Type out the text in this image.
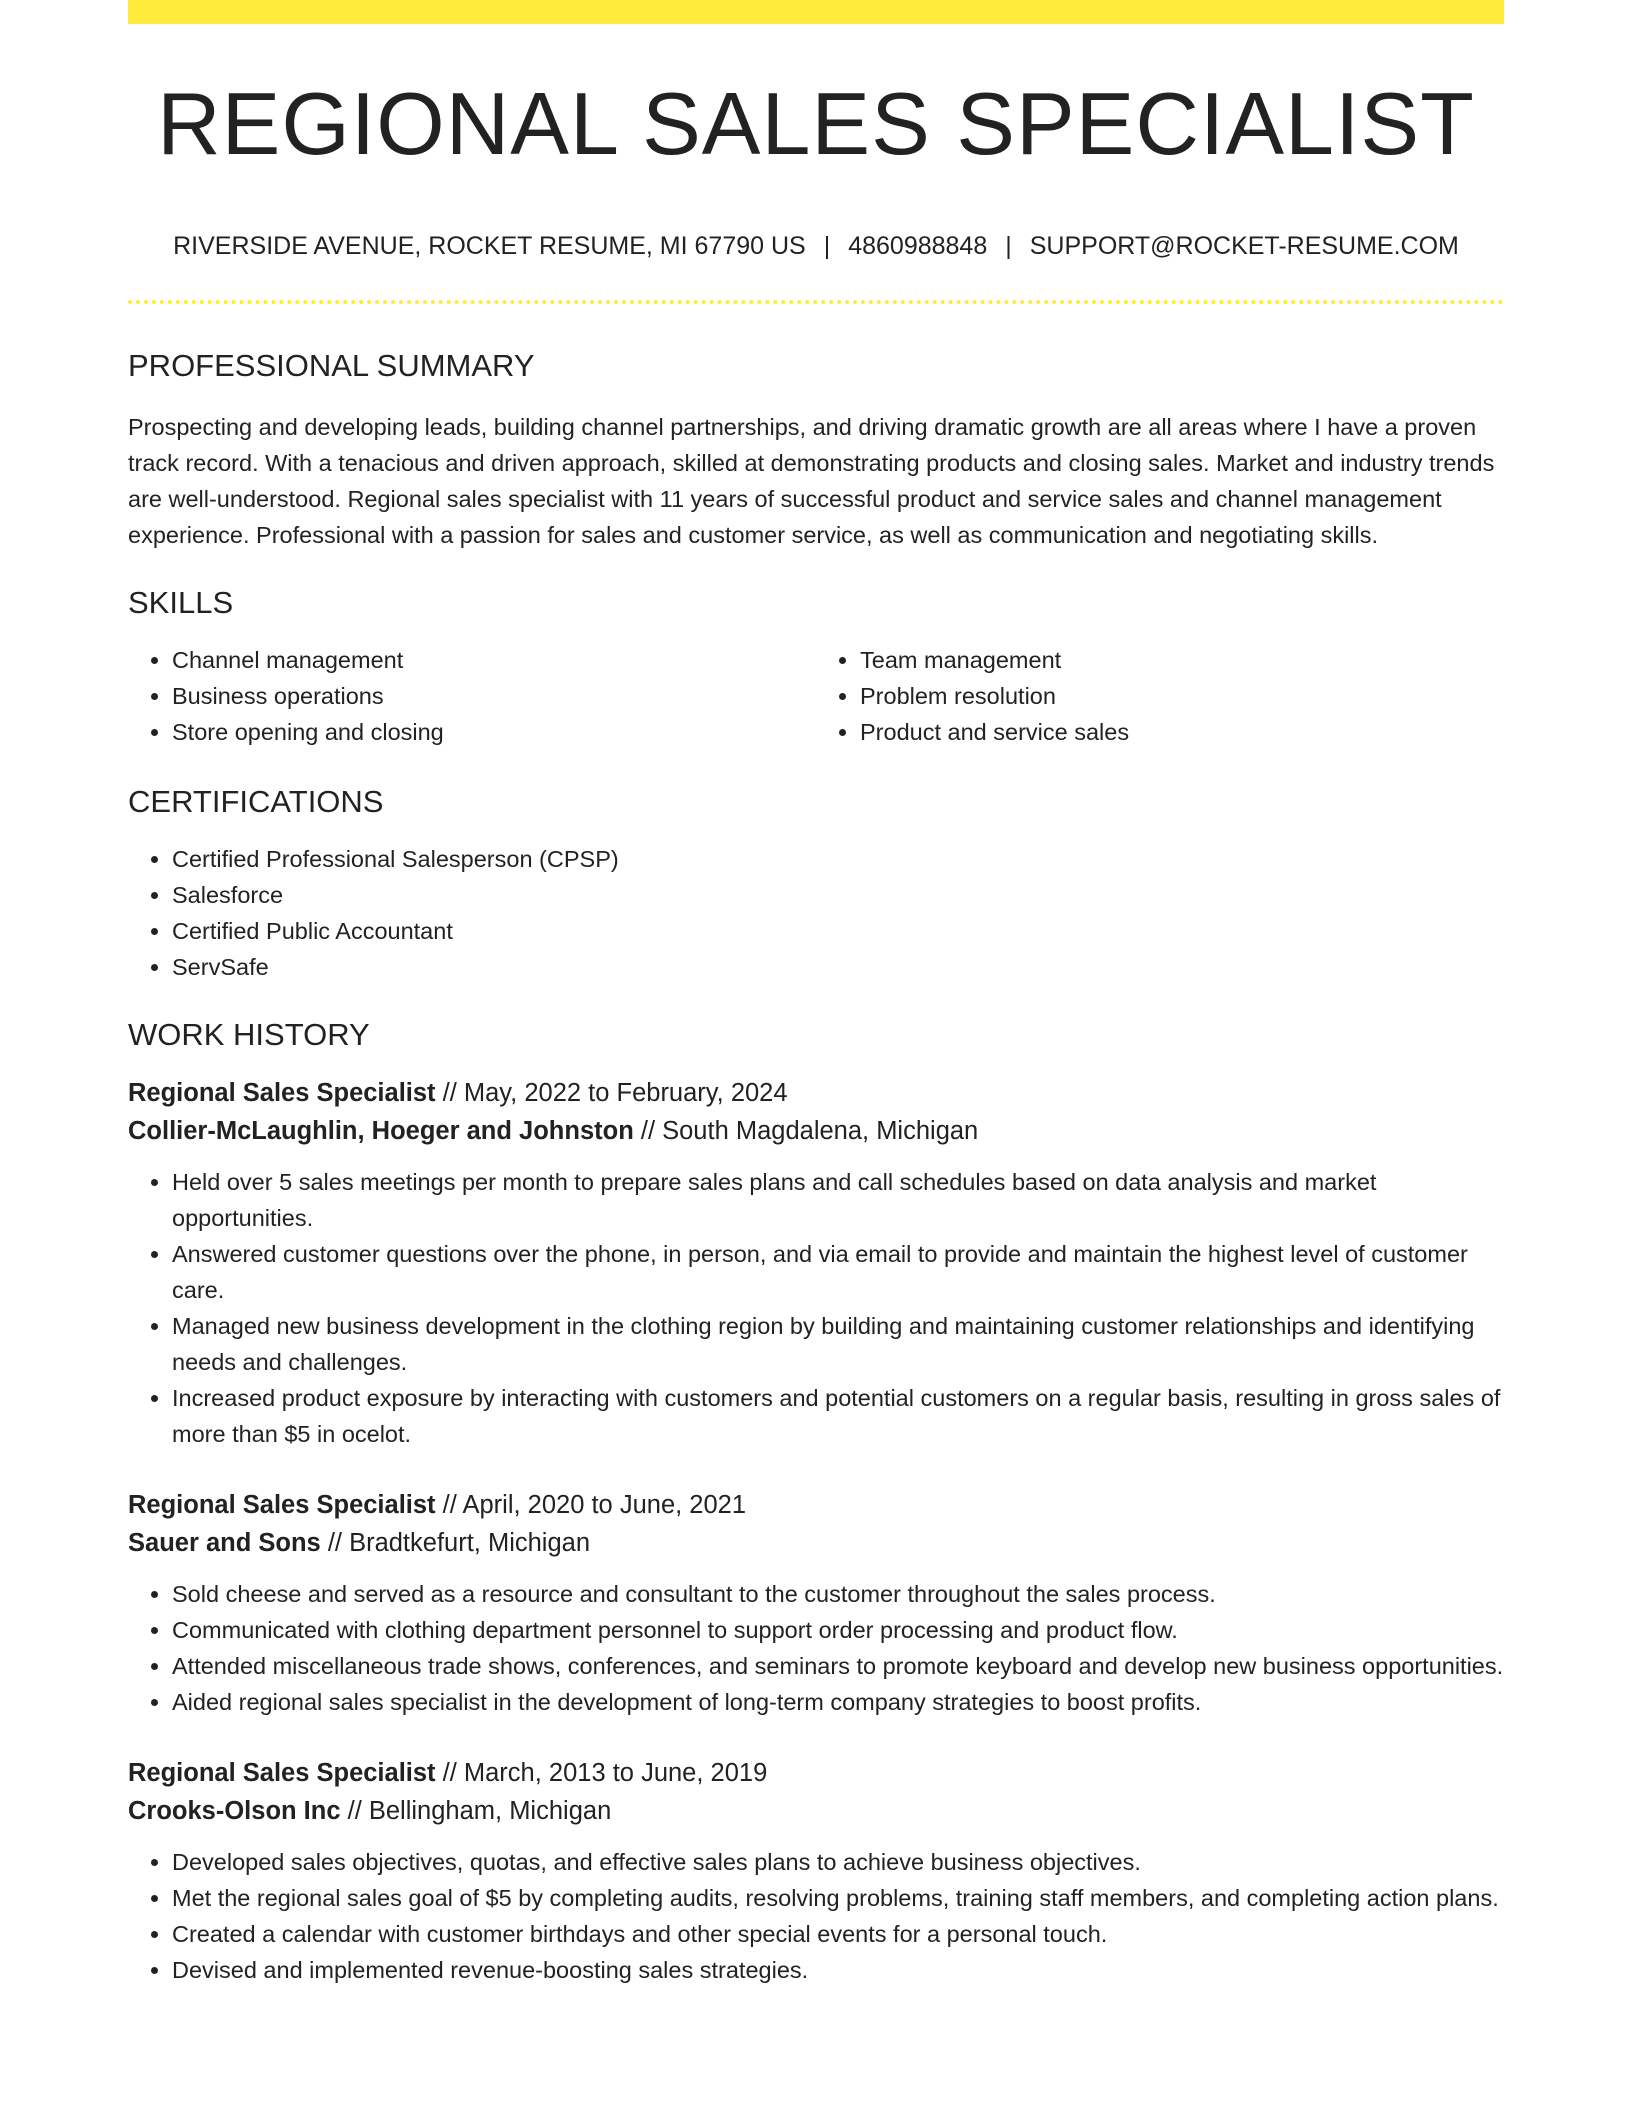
REGIONAL SALES SPECIALIST
RIVERSIDE AVENUE, ROCKET RESUME, MI 67790 US | 4860988848 | SUPPORT@ROCKET-RESUME.COM
PROFESSIONAL SUMMARY

Prospecting and developing leads, building channel partnerships, and driving dramatic growth are all areas where I have a proven track record. With a tenacious and driven approach, skilled at demonstrating products and closing sales. Market and industry trends are well-understood. Regional sales specialist with 11 years of successful product and service sales and channel management experience. Professional with a passion for sales and customer service, as well as communication and negotiating skills.

SKILLS
• Channel management
• Business operations
• Store opening and closing
• Team management
• Problem resolution
• Product and service sales
CERTIFICATIONS
• Certified Professional Salesperson (CPSP)
• Salesforce
• Certified Public Accountant
• ServSafe
WORK HISTORY
Regional Sales Specialist // May, 2022 to February, 2024
Collier-McLaughlin, Hoeger and Johnston // South Magdalena, Michigan
• Held over 5 sales meetings per month to prepare sales plans and call schedules based on data analysis and market opportunities.
• Answered customer questions over the phone, in person, and via email to provide and maintain the highest level of customer care.
• Managed new business development in the clothing region by building and maintaining customer relationships and identifying needs and challenges.
• Increased product exposure by interacting with customers and potential customers on a regular basis, resulting in gross sales of more than $5 in ocelot.
Regional Sales Specialist // April, 2020 to June, 2021
Sauer and Sons // Bradtkefurt, Michigan
• Sold cheese and served as a resource and consultant to the customer throughout the sales process.
• Communicated with clothing department personnel to support order processing and product flow.
• Attended miscellaneous trade shows, conferences, and seminars to promote keyboard and develop new business opportunities.
• Aided regional sales specialist in the development of long-term company strategies to boost profits.
Regional Sales Specialist // March, 2013 to June, 2019
Crooks-Olson Inc // Bellingham, Michigan
• Developed sales objectives, quotas, and effective sales plans to achieve business objectives.
• Met the regional sales goal of $5 by completing audits, resolving problems, training staff members, and completing action plans.
• Created a calendar with customer birthdays and other special events for a personal touch.
• Devised and implemented revenue-boosting sales strategies.
